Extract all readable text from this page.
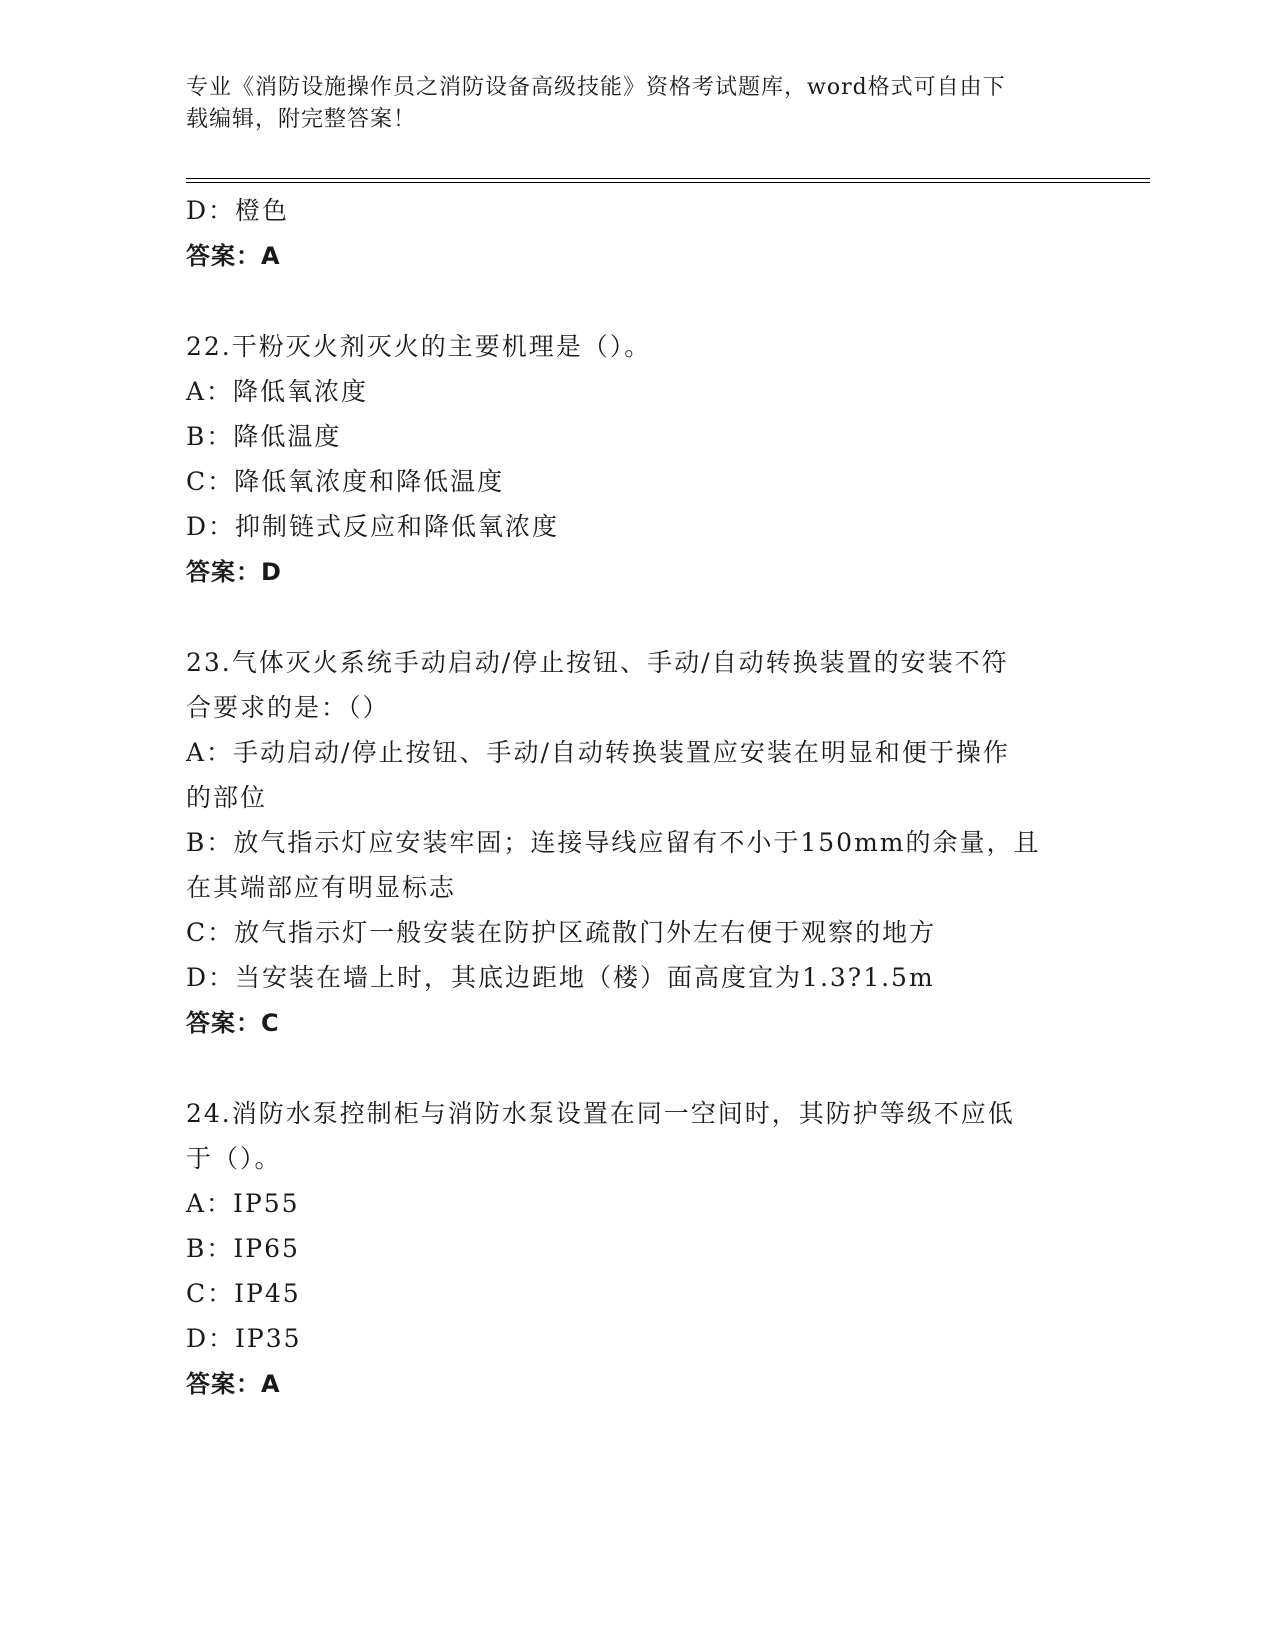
专业《消防设施操作员之消防设备高级技能》资格考试题库，word格式可自由下
载编辑，附完整答案！
D：橙色
答案：A
22.干粉灭火剂灭火的主要机理是（）。
A：降低氧浓度
B：降低温度
C：降低氧浓度和降低温度
D：抑制链式反应和降低氧浓度
答案：D
23.气体灭火系统手动启动/停止按钮、手动/自动转换装置的安装不符
合要求的是：（）
A：手动启动/停止按钮、手动/自动转换装置应安装在明显和便于操作
的部位
B：放气指示灯应安装牢固；连接导线应留有不小于150mm的余量，且
在其端部应有明显标志
C：放气指示灯一般安装在防护区疏散门外左右便于观察的地方
D：当安装在墙上时，其底边距地（楼）面高度宜为1.3?1.5m
答案：C
24.消防水泵控制柜与消防水泵设置在同一空间时，其防护等级不应低
于（）。
A：IP55
B：IP65
C：IP45
D：IP35
答案：A
